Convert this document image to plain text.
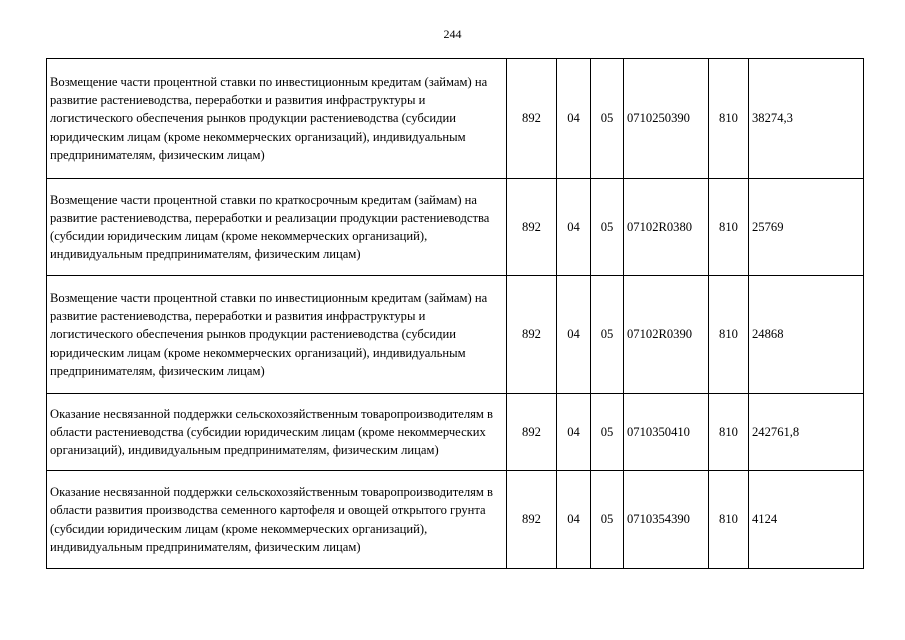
244
Возмещение части процентной ставки по инвестиционным кредитам (займам) на развитие растениеводства, переработки и развития инфраструктуры и логистического обеспечения рынков продукции растениеводства (субсидии юридическим лицам (кроме некоммерческих организаций), индивидуальным предпринимателям, физическим лицам)	892	04	05	0710250390	810	38274,3
Возмещение части процентной ставки по краткосрочным кредитам (займам) на развитие растениеводства, переработки и реализации продукции растениеводства (субсидии юридическим лицам (кроме некоммерческих организаций), индивидуальным предпринимателям, физическим лицам)	892	04	05	07102R0380	810	25769
Возмещение части процентной ставки по инвестиционным кредитам (займам) на развитие растениеводства, переработки и развития инфраструктуры и логистического обеспечения рынков продукции растениеводства (субсидии юридическим лицам (кроме некоммерческих организаций), индивидуальным предпринимателям, физическим лицам)	892	04	05	07102R0390	810	24868
Оказание несвязанной поддержки сельскохозяйственным товаропроизводителям в области растениеводства (субсидии юридическим лицам (кроме некоммерческих организаций), индивидуальным предпринимателям, физическим лицам)	892	04	05	0710350410	810	242761,8
Оказание несвязанной поддержки сельскохозяйственным товаропроизводителям в области развития производства семенного картофеля и овощей открытого грунта (субсидии юридическим лицам (кроме некоммерческих организаций), индивидуальным предпринимателям, физическим лицам)	892	04	05	0710354390	810	4124
